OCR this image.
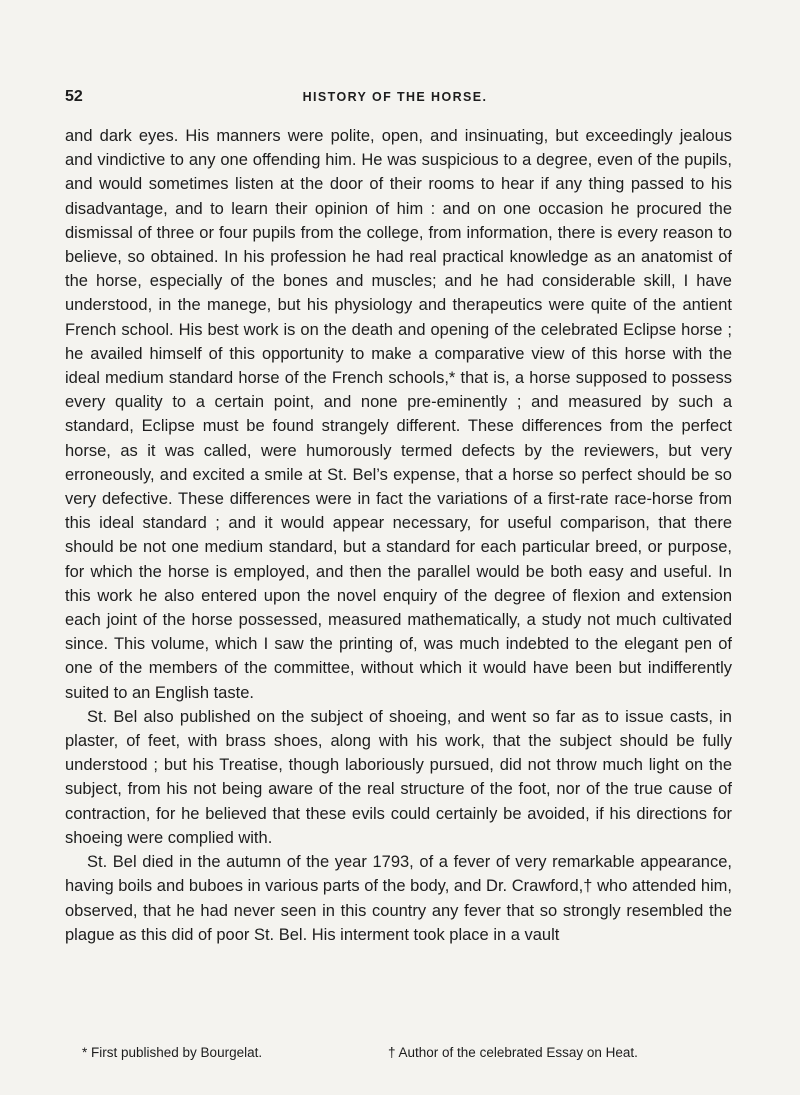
52	HISTORY OF THE HORSE.

and dark eyes. His manners were polite, open, and insinuating, but exceedingly jealous and vindictive to any one offending him. He was suspicious to a degree, even of the pupils, and would sometimes listen at the door of their rooms to hear if any thing passed to his disadvantage, and to learn their opinion of him : and on one occasion he procured the dismissal of three or four pupils from the college, from information, there is every reason to believe, so obtained. In his profession he had real practical knowledge as an anatomist of the horse, especially of the bones and muscles; and he had considerable skill, I have understood, in the manege, but his physiology and therapeutics were quite of the antient French school. His best work is on the death and opening of the celebrated Eclipse horse ; he availed himself of this opportunity to make a comparative view of this horse with the ideal medium standard horse of the French schools,* that is, a horse supposed to possess every quality to a certain point, and none pre-eminently ; and measured by such a standard, Eclipse must be found strangely different. These differences from the perfect horse, as it was called, were humorously termed defects by the reviewers, but very erroneously, and excited a smile at St. Bel’s expense, that a horse so perfect should be so very defective. These differences were in fact the variations of a first-rate race-horse from this ideal standard ; and it would appear necessary, for useful comparison, that there should be not one medium standard, but a standard for each particular breed, or purpose, for which the horse is employed, and then the parallel would be both easy and useful. In this work he also entered upon the novel enquiry of the degree of flexion and extension each joint of the horse possessed, measured mathematically, a study not much cultivated since. This volume, which I saw the printing of, was much indebted to the elegant pen of one of the members of the committee, without which it would have been but indifferently suited to an English taste.

St. Bel also published on the subject of shoeing, and went so far as to issue casts, in plaster, of feet, with brass shoes, along with his work, that the subject should be fully understood ; but his Treatise, though laboriously pursued, did not throw much light on the subject, from his not being aware of the real structure of the foot, nor of the true cause of contraction, for he believed that these evils could certainly be avoided, if his directions for shoeing were complied with.

St. Bel died in the autumn of the year 1793, of a fever of very remarkable appearance, having boils and buboes in various parts of the body, and Dr. Crawford,† who attended him, observed, that he had never seen in this country any fever that so strongly resembled the plague as this did of poor St. Bel. His interment took place in a vault

* First published by Bourgelat.	† Author of the celebrated Essay on Heat.
